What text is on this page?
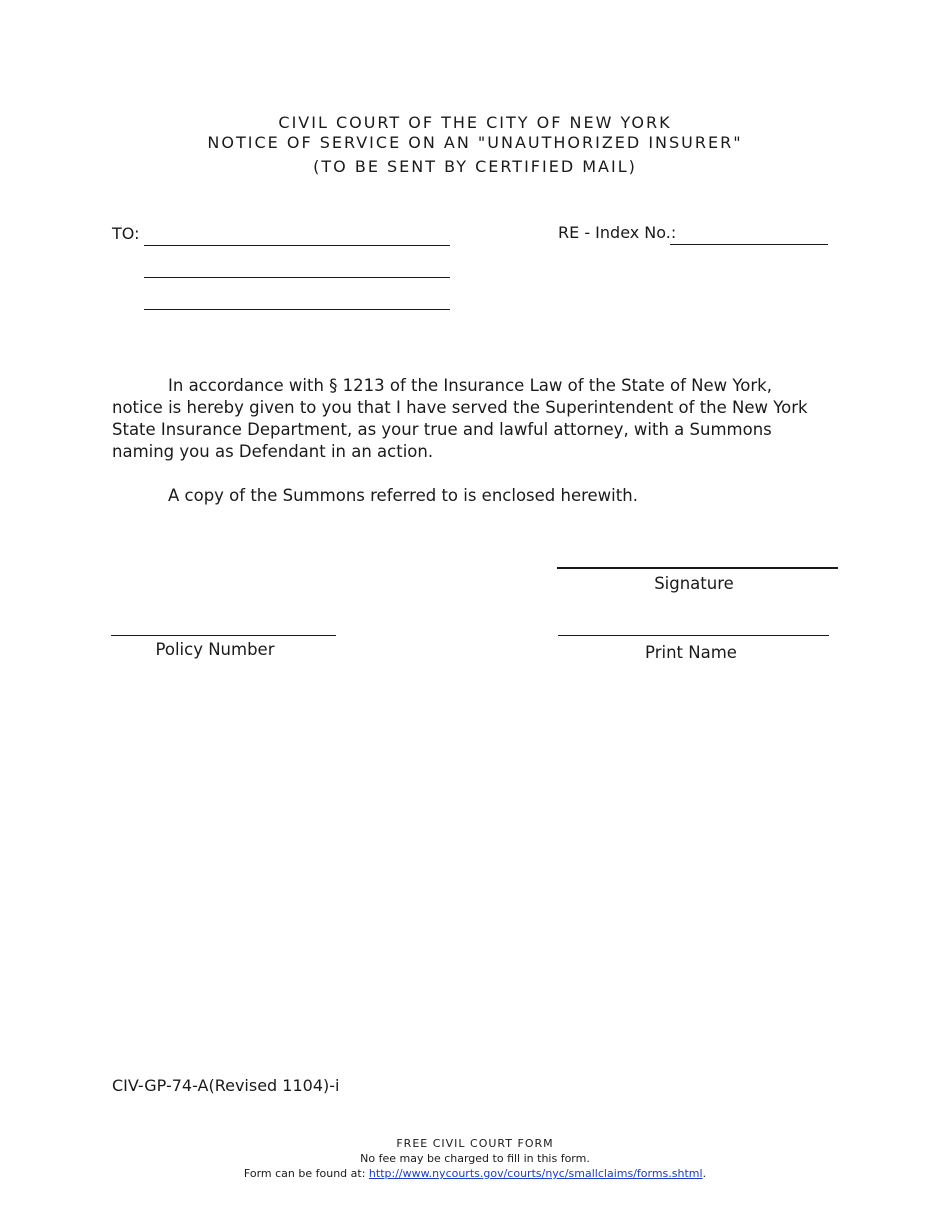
CIVIL COURT OF THE CITY OF NEW YORK
NOTICE OF SERVICE ON AN "UNAUTHORIZED INSURER"
(TO BE SENT BY CERTIFIED MAIL)
TO:	RE - Index No.:
In accordance with § 1213 of the Insurance Law of the State of New York, notice is hereby given to you that I have served the Superintendent of the New York State Insurance Department, as your true and lawful attorney, with a Summons naming you as Defendant in an action.
A copy of the Summons referred to is enclosed herewith.
Signature
Policy Number	Print Name
CIV-GP-74-A(Revised 1104)-i
FREE CIVIL COURT FORM
No fee may be charged to fill in this form.
Form can be found at: http://www.nycourts.gov/courts/nyc/smallclaims/forms.shtml.
